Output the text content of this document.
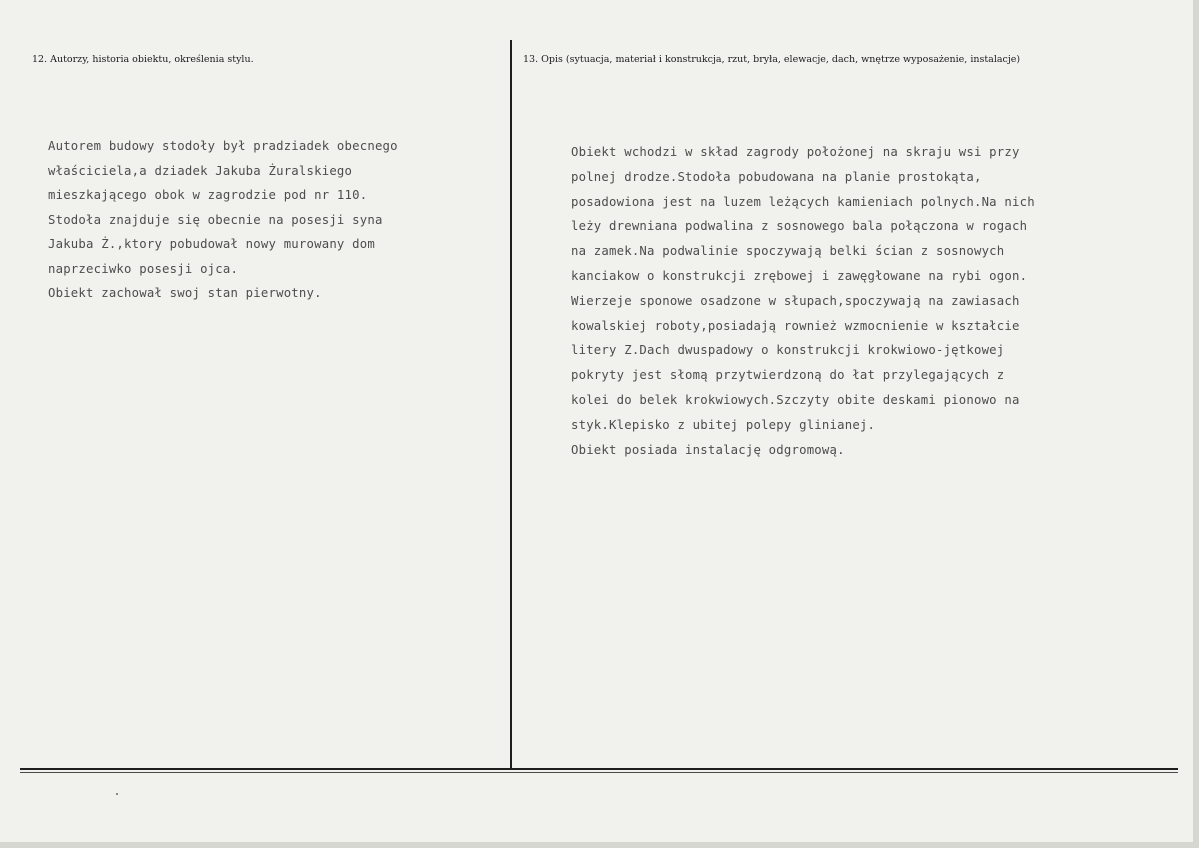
12. Autorzy, historia obiektu, określenia stylu.	13. Opis (sytuacja, materiał i konstrukcja, rzut, bryła, elewacje, dach, wnętrze wyposażenie, instalacje)
Autorem budowy stodoły był pradziadek obecnego
właściciela,a dziadek Jakuba Żuralskiego
mieszkającego obok w zagrodzie pod nr 110.
Stodoła znajduje się obecnie na posesji syna
Jakuba Ż.,ktory pobudował nowy murowany dom
naprzeciwko posesji ojca.
Obiekt zachował swoj stan pierwotny.
Obiekt wchodzi w skład zagrody położonej na skraju wsi przy
polnej drodze.Stodoła pobudowana na planie prostokąta,
posadowiona jest na luzem leżących kamieniach polnych.Na nich
leży drewniana podwalina z sosnowego bala połączona w rogach
na zamek.Na podwalinie spoczywają belki ścian z sosnowych
kanciakow o konstrukcji zrębowej i zawęgłowane na rybi ogon.
Wierzeje sponowe osadzone w słupach,spoczywają na zawiasach
kowalskiej roboty,posiadają rownież wzmocnienie w kształcie
litery Z.Dach dwuspadowy o konstrukcji krokwiowo-jętkowej
pokryty jest słomą przytwierdzoną do łat przylegających z
kolei do belek krokwiowych.Szczyty obite deskami pionowo na
styk.Klepisko z ubitej polepy glinianej.
Obiekt posiada instalację odgromową.
